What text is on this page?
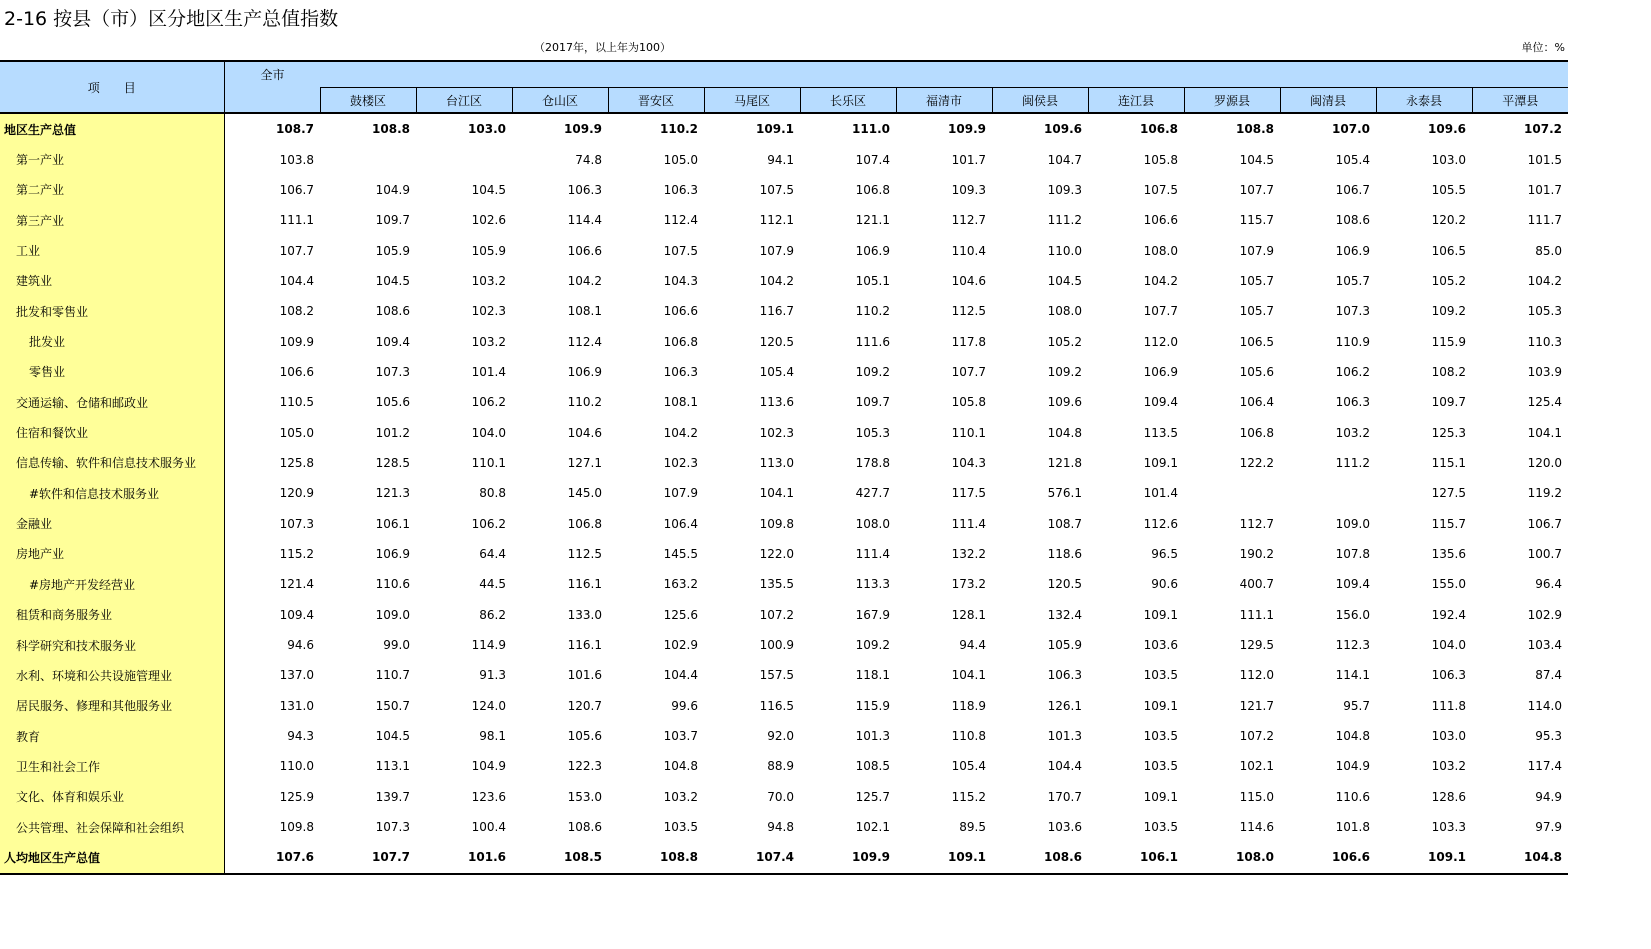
2-16 按县（市）区分地区生产总值指数
（2017年，以上年为100）	单位：%
项　　目	全市													
		鼓楼区	台江区	仓山区	晋安区	马尾区	长乐区	福清市	闽侯县	连江县	罗源县	闽清县	永泰县	平潭县
地区生产总值	108.7	108.8	103.0	109.9	110.2	109.1	111.0	109.9	109.6	106.8	108.8	107.0	109.6	107.2
第一产业	103.8			74.8	105.0	94.1	107.4	101.7	104.7	105.8	104.5	105.4	103.0	101.5
第二产业	106.7	104.9	104.5	106.3	106.3	107.5	106.8	109.3	109.3	107.5	107.7	106.7	105.5	101.7
第三产业	111.1	109.7	102.6	114.4	112.4	112.1	121.1	112.7	111.2	106.6	115.7	108.6	120.2	111.7
工业	107.7	105.9	105.9	106.6	107.5	107.9	106.9	110.4	110.0	108.0	107.9	106.9	106.5	85.0
建筑业	104.4	104.5	103.2	104.2	104.3	104.2	105.1	104.6	104.5	104.2	105.7	105.7	105.2	104.2
批发和零售业	108.2	108.6	102.3	108.1	106.6	116.7	110.2	112.5	108.0	107.7	105.7	107.3	109.2	105.3
批发业	109.9	109.4	103.2	112.4	106.8	120.5	111.6	117.8	105.2	112.0	106.5	110.9	115.9	110.3
零售业	106.6	107.3	101.4	106.9	106.3	105.4	109.2	107.7	109.2	106.9	105.6	106.2	108.2	103.9
交通运输、仓储和邮政业	110.5	105.6	106.2	110.2	108.1	113.6	109.7	105.8	109.6	109.4	106.4	106.3	109.7	125.4
住宿和餐饮业	105.0	101.2	104.0	104.6	104.2	102.3	105.3	110.1	104.8	113.5	106.8	103.2	125.3	104.1
信息传输、软件和信息技术服务业	125.8	128.5	110.1	127.1	102.3	113.0	178.8	104.3	121.8	109.1	122.2	111.2	115.1	120.0
#软件和信息技术服务业	120.9	121.3	80.8	145.0	107.9	104.1	427.7	117.5	576.1	101.4			127.5	119.2
金融业	107.3	106.1	106.2	106.8	106.4	109.8	108.0	111.4	108.7	112.6	112.7	109.0	115.7	106.7
房地产业	115.2	106.9	64.4	112.5	145.5	122.0	111.4	132.2	118.6	96.5	190.2	107.8	135.6	100.7
#房地产开发经营业	121.4	110.6	44.5	116.1	163.2	135.5	113.3	173.2	120.5	90.6	400.7	109.4	155.0	96.4
租赁和商务服务业	109.4	109.0	86.2	133.0	125.6	107.2	167.9	128.1	132.4	109.1	111.1	156.0	192.4	102.9
科学研究和技术服务业	94.6	99.0	114.9	116.1	102.9	100.9	109.2	94.4	105.9	103.6	129.5	112.3	104.0	103.4
水利、环境和公共设施管理业	137.0	110.7	91.3	101.6	104.4	157.5	118.1	104.1	106.3	103.5	112.0	114.1	106.3	87.4
居民服务、修理和其他服务业	131.0	150.7	124.0	120.7	99.6	116.5	115.9	118.9	126.1	109.1	121.7	95.7	111.8	114.0
教育	94.3	104.5	98.1	105.6	103.7	92.0	101.3	110.8	101.3	103.5	107.2	104.8	103.0	95.3
卫生和社会工作	110.0	113.1	104.9	122.3	104.8	88.9	108.5	105.4	104.4	103.5	102.1	104.9	103.2	117.4
文化、体育和娱乐业	125.9	139.7	123.6	153.0	103.2	70.0	125.7	115.2	170.7	109.1	115.0	110.6	128.6	94.9
公共管理、社会保障和社会组织	109.8	107.3	100.4	108.6	103.5	94.8	102.1	89.5	103.6	103.5	114.6	101.8	103.3	97.9
人均地区生产总值	107.6	107.7	101.6	108.5	108.8	107.4	109.9	109.1	108.6	106.1	108.0	106.6	109.1	104.8
